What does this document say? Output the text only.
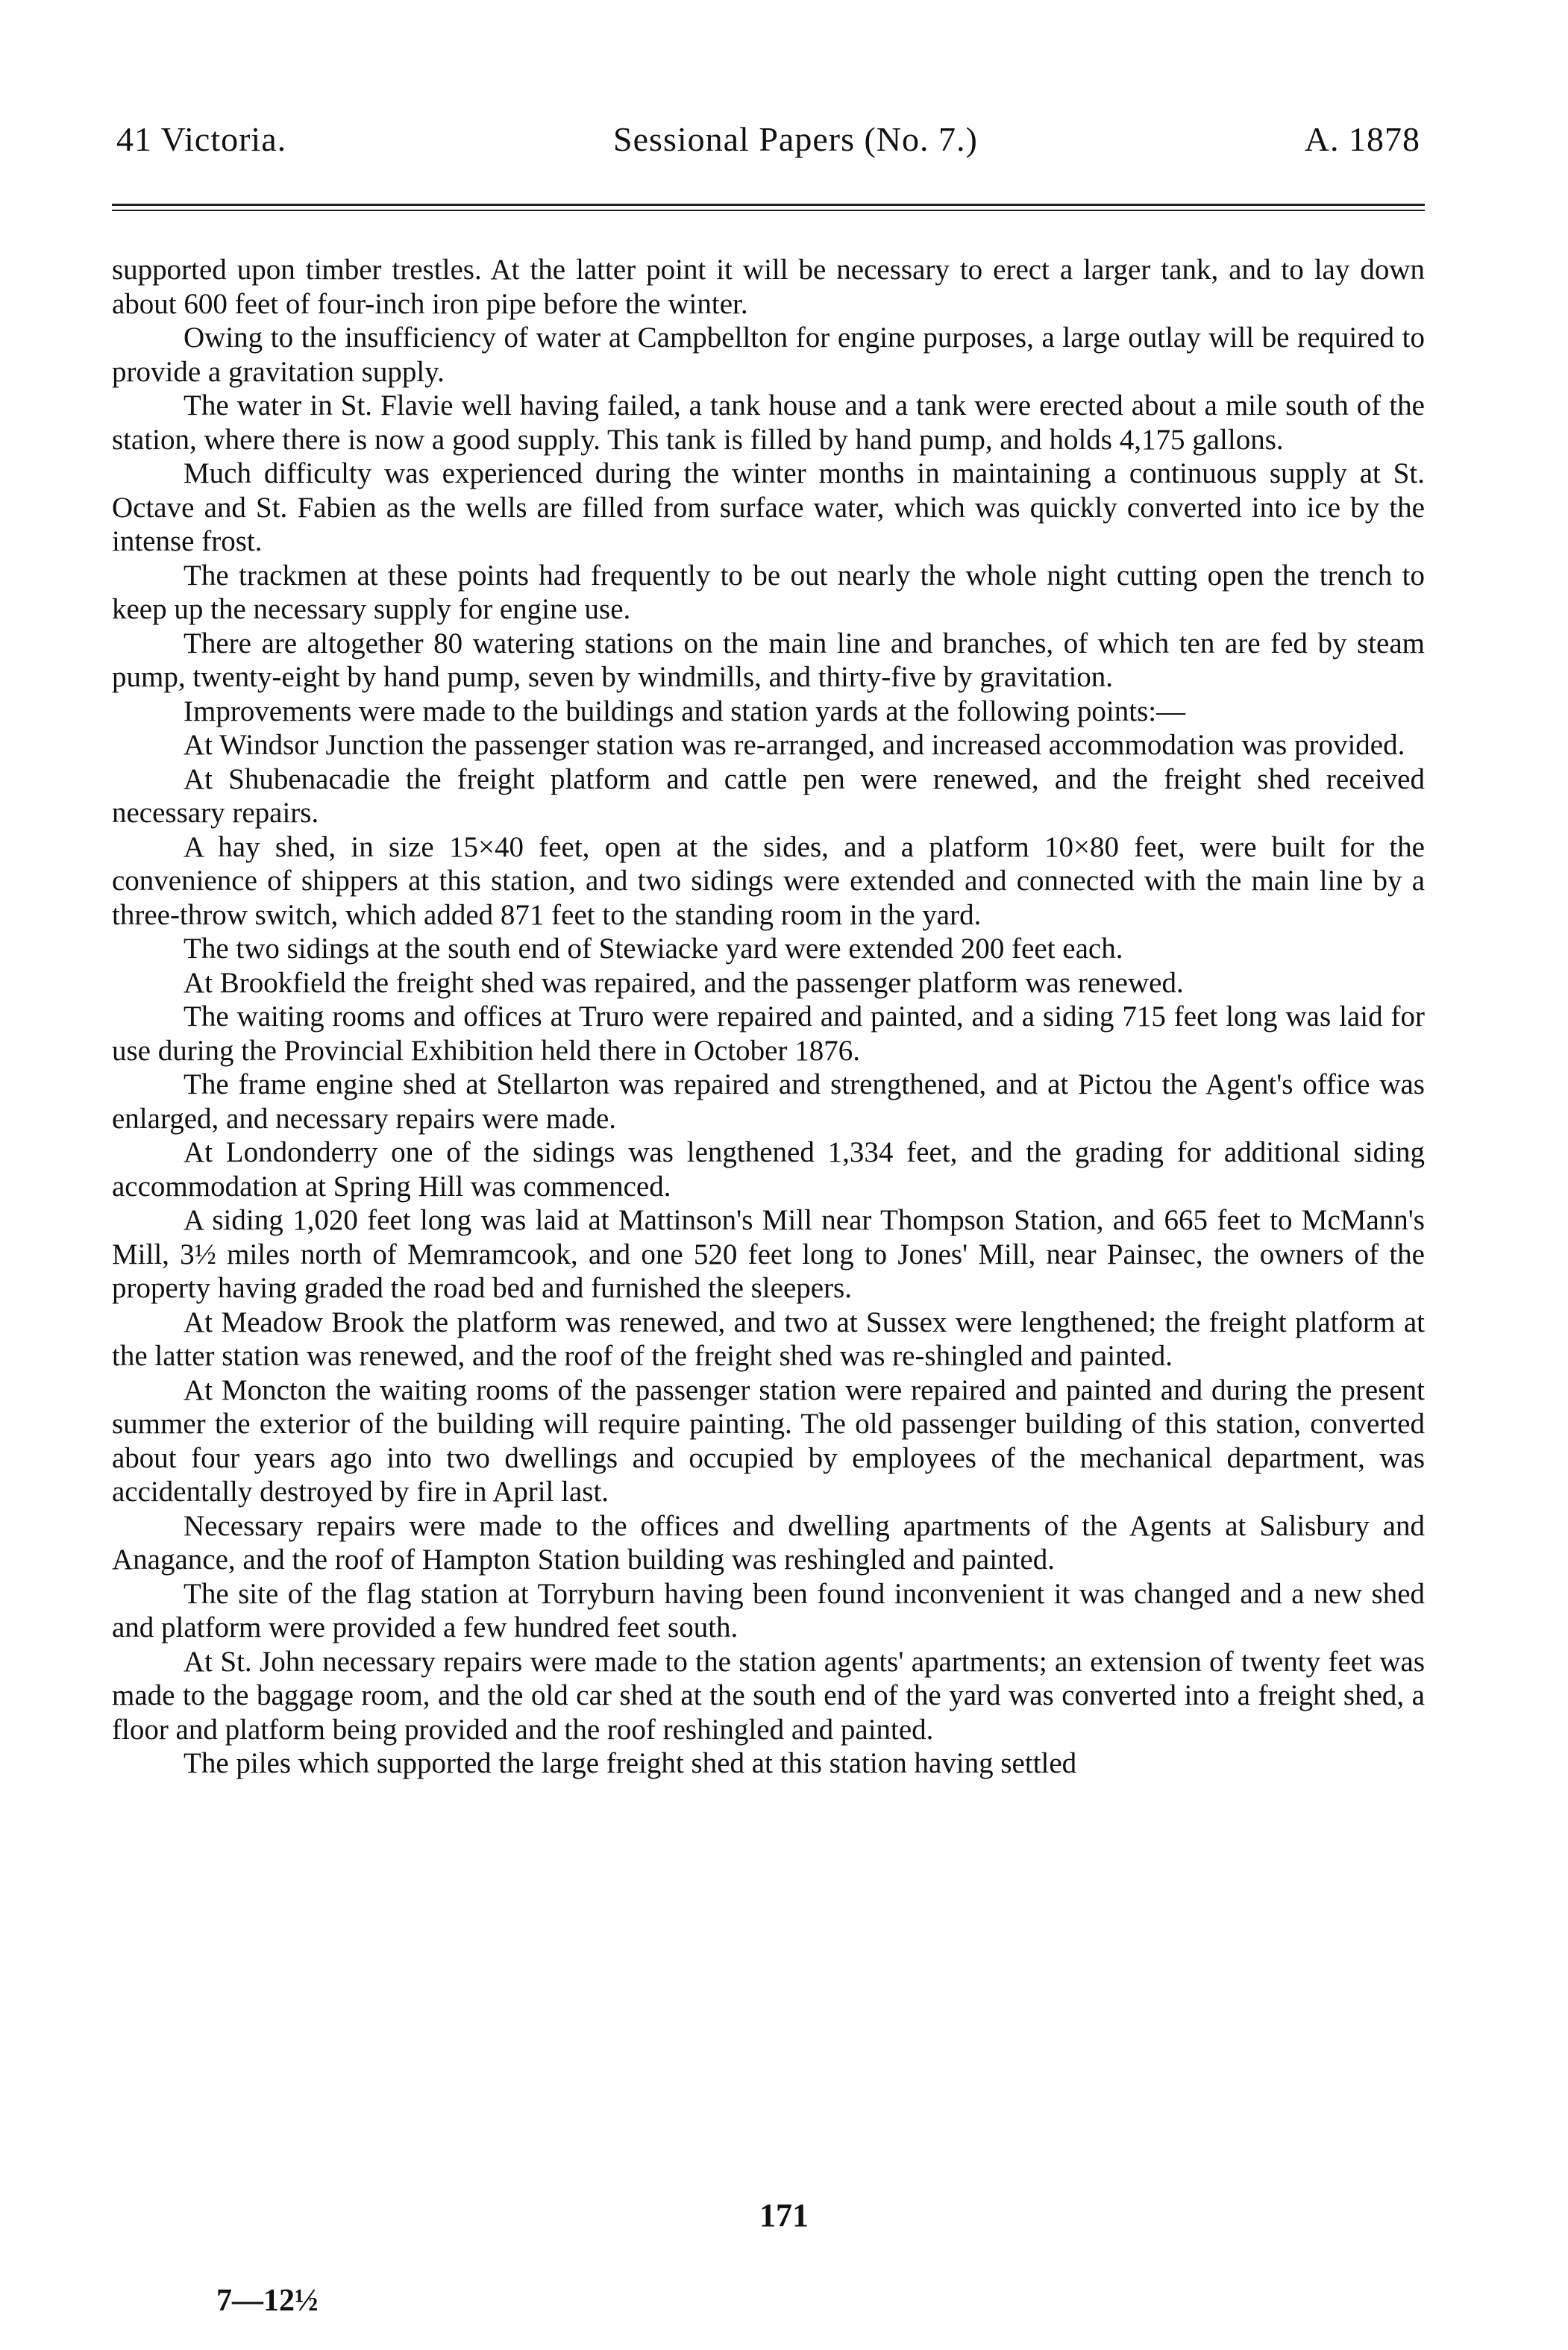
41 Victoria.	Sessional Papers (No. 7.)	A. 1878

supported upon timber trestles. At the latter point it will be necessary to erect a larger tank, and to lay down about 600 feet of four-inch iron pipe before the winter.

Owing to the insufficiency of water at Campbellton for engine purposes, a large outlay will be required to provide a gravitation supply.

The water in St. Flavie well having failed, a tank house and a tank were erected about a mile south of the station, where there is now a good supply. This tank is filled by hand pump, and holds 4,175 gallons.

Much difficulty was experienced during the winter months in maintaining a continuous supply at St. Octave and St. Fabien as the wells are filled from surface water, which was quickly converted into ice by the intense frost.

The trackmen at these points had frequently to be out nearly the whole night cutting open the trench to keep up the necessary supply for engine use.

There are altogether 80 watering stations on the main line and branches, of which ten are fed by steam pump, twenty-eight by hand pump, seven by windmills, and thirty-five by gravitation.

Improvements were made to the buildings and station yards at the following points:—

At Windsor Junction the passenger station was re-arranged, and increased accommodation was provided.

At Shubenacadie the freight platform and cattle pen were renewed, and the freight shed received necessary repairs.

A hay shed, in size 15×40 feet, open at the sides, and a platform 10×80 feet, were built for the convenience of shippers at this station, and two sidings were extended and connected with the main line by a three-throw switch, which added 871 feet to the standing room in the yard.

The two sidings at the south end of Stewiacke yard were extended 200 feet each.

At Brookfield the freight shed was repaired, and the passenger platform was renewed.

The waiting rooms and offices at Truro were repaired and painted, and a siding 715 feet long was laid for use during the Provincial Exhibition held there in October 1876.

The frame engine shed at Stellarton was repaired and strengthened, and at Pictou the Agent's office was enlarged, and necessary repairs were made.

At Londonderry one of the sidings was lengthened 1,334 feet, and the grading for additional siding accommodation at Spring Hill was commenced.

A siding 1,020 feet long was laid at Mattinson's Mill near Thompson Station, and 665 feet to McMann's Mill, 3½ miles north of Memramcook, and one 520 feet long to Jones' Mill, near Painsec, the owners of the property having graded the road bed and furnished the sleepers.

At Meadow Brook the platform was renewed, and two at Sussex were lengthened; the freight platform at the latter station was renewed, and the roof of the freight shed was re-shingled and painted.

At Moncton the waiting rooms of the passenger station were repaired and painted and during the present summer the exterior of the building will require painting. The old passenger building of this station, converted about four years ago into two dwellings and occupied by employees of the mechanical department, was accidentally destroyed by fire in April last.

Necessary repairs were made to the offices and dwelling apartments of the Agents at Salisbury and Anagance, and the roof of Hampton Station building was reshingled and painted.

The site of the flag station at Torryburn having been found inconvenient it was changed and a new shed and platform were provided a few hundred feet south.

At St. John necessary repairs were made to the station agents' apartments; an extension of twenty feet was made to the baggage room, and the old car shed at the south end of the yard was converted into a freight shed, a floor and platform being provided and the roof reshingled and painted.

The piles which supported the large freight shed at this station having settled

171
7—12½
